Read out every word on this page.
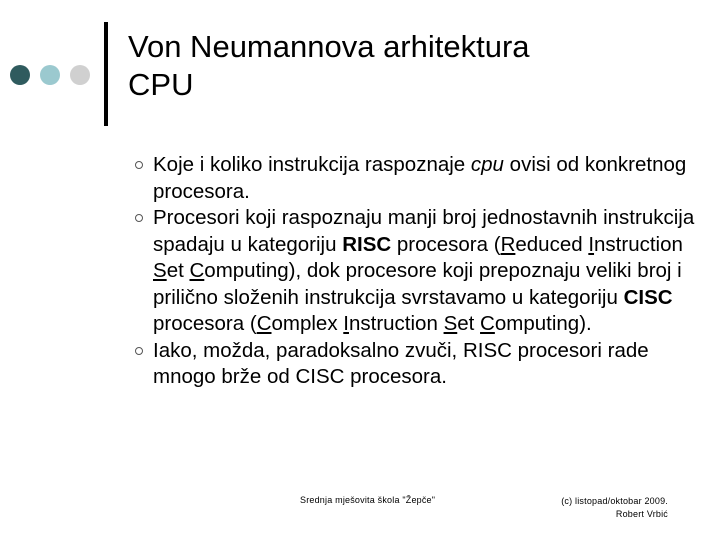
Von Neumannova arhitektura
CPU
Koje i koliko instrukcija raspoznaje cpu ovisi od konkretnog procesora.
Procesori koji raspoznaju manji broj jednostavnih instrukcija spadaju u kategoriju RISC procesora (Reduced Instruction Set Computing), dok procesore koji prepoznaju veliki broj i prilično složenih instrukcija svrstavamo u kategoriju CISC procesora (Complex Instruction Set Computing).
Iako, možda, paradoksalno zvuči, RISC procesori rade mnogo brže od CISC procesora.
Srednja mješovita škola "Žepče"	(c) listopad/oktobar 2009.
Robert Vrbić
